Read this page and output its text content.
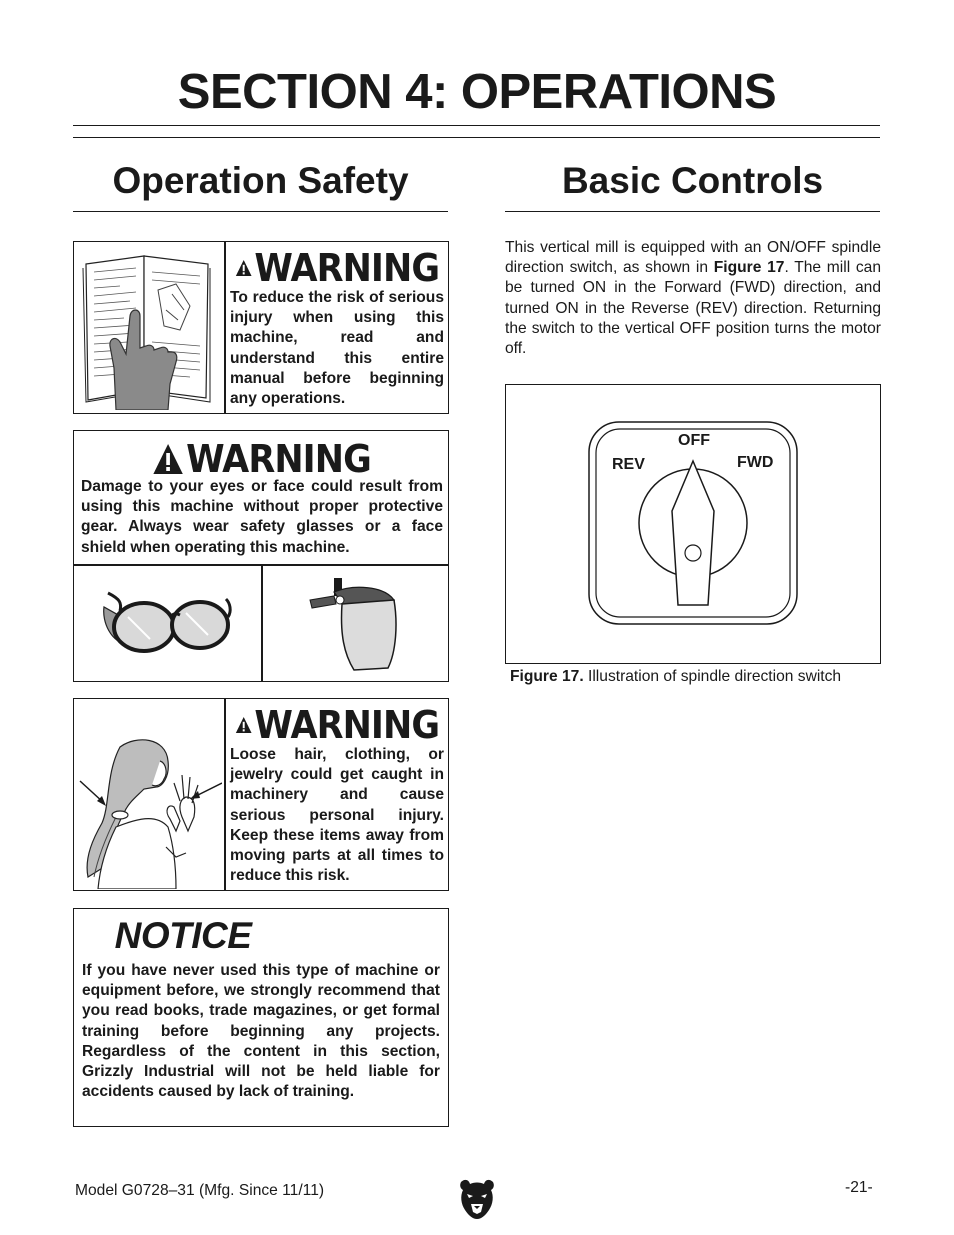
SECTION 4: OPERATIONS
Operation Safety	Basic Controls
WARNING
To reduce the risk of serious injury when using this machine, read and understand this entire manual before beginning any operations.
WARNING
Damage to your eyes or face could result from using this machine without proper protective gear. Always wear safety glasses or a face shield when operating this machine.
WARNING
Loose hair, clothing, or jewelry could get caught in machinery and cause serious personal injury. Keep these items away from moving parts at all times to reduce this risk.
NOTICE
If you have never used this type of machine or equipment before, we strongly recommend that you read books, trade magazines, or get formal training before beginning any projects. Regardless of the content in this section, Grizzly Industrial will not be held liable for accidents caused by lack of training.
This vertical mill is equipped with an ON/OFF spindle direction switch, as shown in Figure 17. The mill can be turned ON in the Forward (FWD) direction, and turned ON in the Reverse (REV) direction. Returning the switch to the vertical OFF position turns the motor off.
OFF
REV	FWD
Figure 17. Illustration of spindle direction switch
Model G0728–31 (Mfg. Since 11/11)	-21-
